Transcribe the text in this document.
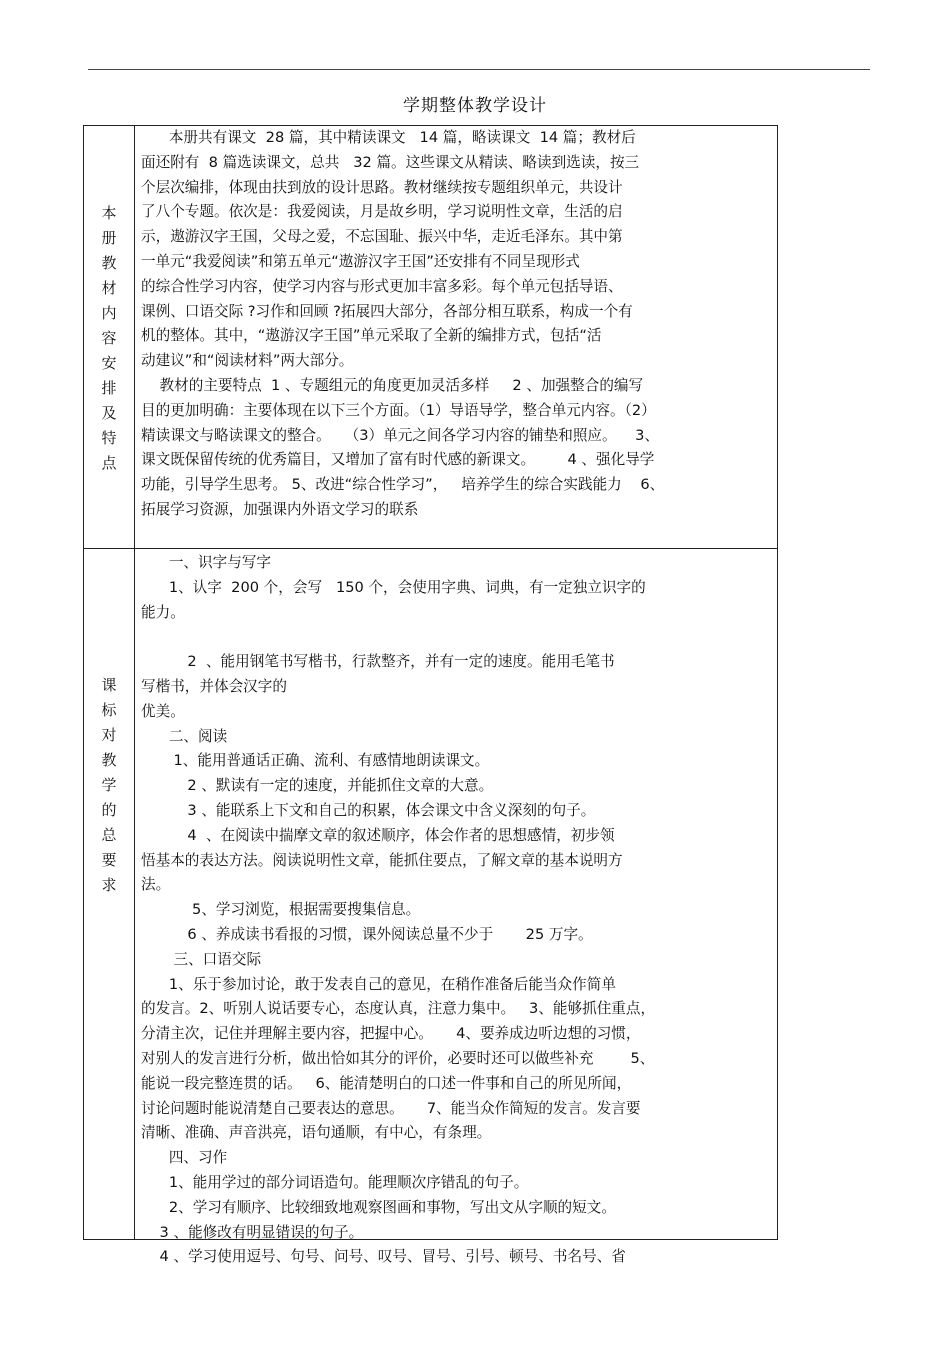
学期整体教学设计
本
册
教
材
内
容
安
排
及
特
点
本册共有课文  28 篇，其中精读课文   14 篇，略读课文  14 篇；教材后
面还附有  8 篇选读课文，总共   32 篇。这些课文从精读、略读到选读，按三
个层次编排，体现由扶到放的设计思路。教材继续按专题组织单元，共设计
了八个专题。依次是：我爱阅读，月是故乡明，学习说明性文章，生活的启
示，遨游汉字王国，父母之爱，不忘国耻、振兴中华，走近毛泽东。其中第
一单元“我爱阅读”和第五单元“遨游汉字王国”还安排有不同呈现形式
的综合性学习内容，使学习内容与形式更加丰富多彩。每个单元包括导语、
课例、口语交际 ?习作和回顾 ?拓展四大部分，各部分相互联系，构成一个有
机的整体。其中，“遨游汉字王国”单元采取了全新的编排方式，包括“活
动建议”和“阅读材料”两大部分。
教材的主要特点  1 、专题组元的角度更加灵活多样     2 、加强整合的编写
目的更加明确：主要体现在以下三个方面。（1）导语导学，整合单元内容。（2）
精读课文与略读课文的整合。   （3）单元之间各学习内容的铺垫和照应。    3、
课文既保留传统的优秀篇目，又增加了富有时代感的新课文。       4 、强化导学
功能，引导学生思考。 5、改进“综合性学习”，   培养学生的综合实践能力    6、
拓展学习资源，加强课内外语文学习的联系
课
标
对
教
学
的
总
要
求
一、识字与写字
1、认字  200 个，会写   150 个，会使用字典、词典，有一定独立识字的
能力。
2  、能用钢笔书写楷书，行款整齐，并有一定的速度。能用毛笔书
写楷书，并体会汉字的
优美。
二、阅读
1、能用普通话正确、流利、有感情地朗读课文。
2 、默读有一定的速度，并能抓住文章的大意。
3 、能联系上下文和自己的积累，体会课文中含义深刻的句子。
4  、在阅读中揣摩文章的叙述顺序，体会作者的思想感情，初步领
悟基本的表达方法。阅读说明性文章，能抓住要点，了解文章的基本说明方
法。
5、学习浏览，根据需要搜集信息。
6 、养成读书看报的习惯，课外阅读总量不少于       25 万字。
三、口语交际
1、乐于参加讨论，敢于发表自己的意见，在稍作准备后能当众作简单
的发言。2、听别人说话要专心，态度认真，注意力集中。   3、能够抓住重点，
分清主次，记住并理解主要内容，把握中心。     4、要养成边听边想的习惯，
对别人的发言进行分析，做出恰如其分的评价，必要时还可以做些补充        5、
能说一段完整连贯的话。   6、能清楚明白的口述一件事和自己的所见所闻，
讨论问题时能说清楚自己要表达的意思。     7、能当众作简短的发言。发言要
清晰、准确、声音洪亮，语句通顺，有中心，有条理。
四、习作
1、能用学过的部分词语造句。能理顺次序错乱的句子。
2、学习有顺序、比较细致地观察图画和事物，写出文从字顺的短文。
3 、能修改有明显错误的句子。
4 、学习使用逗号、句号、问号、叹号、冒号、引号、顿号、书名号、省
